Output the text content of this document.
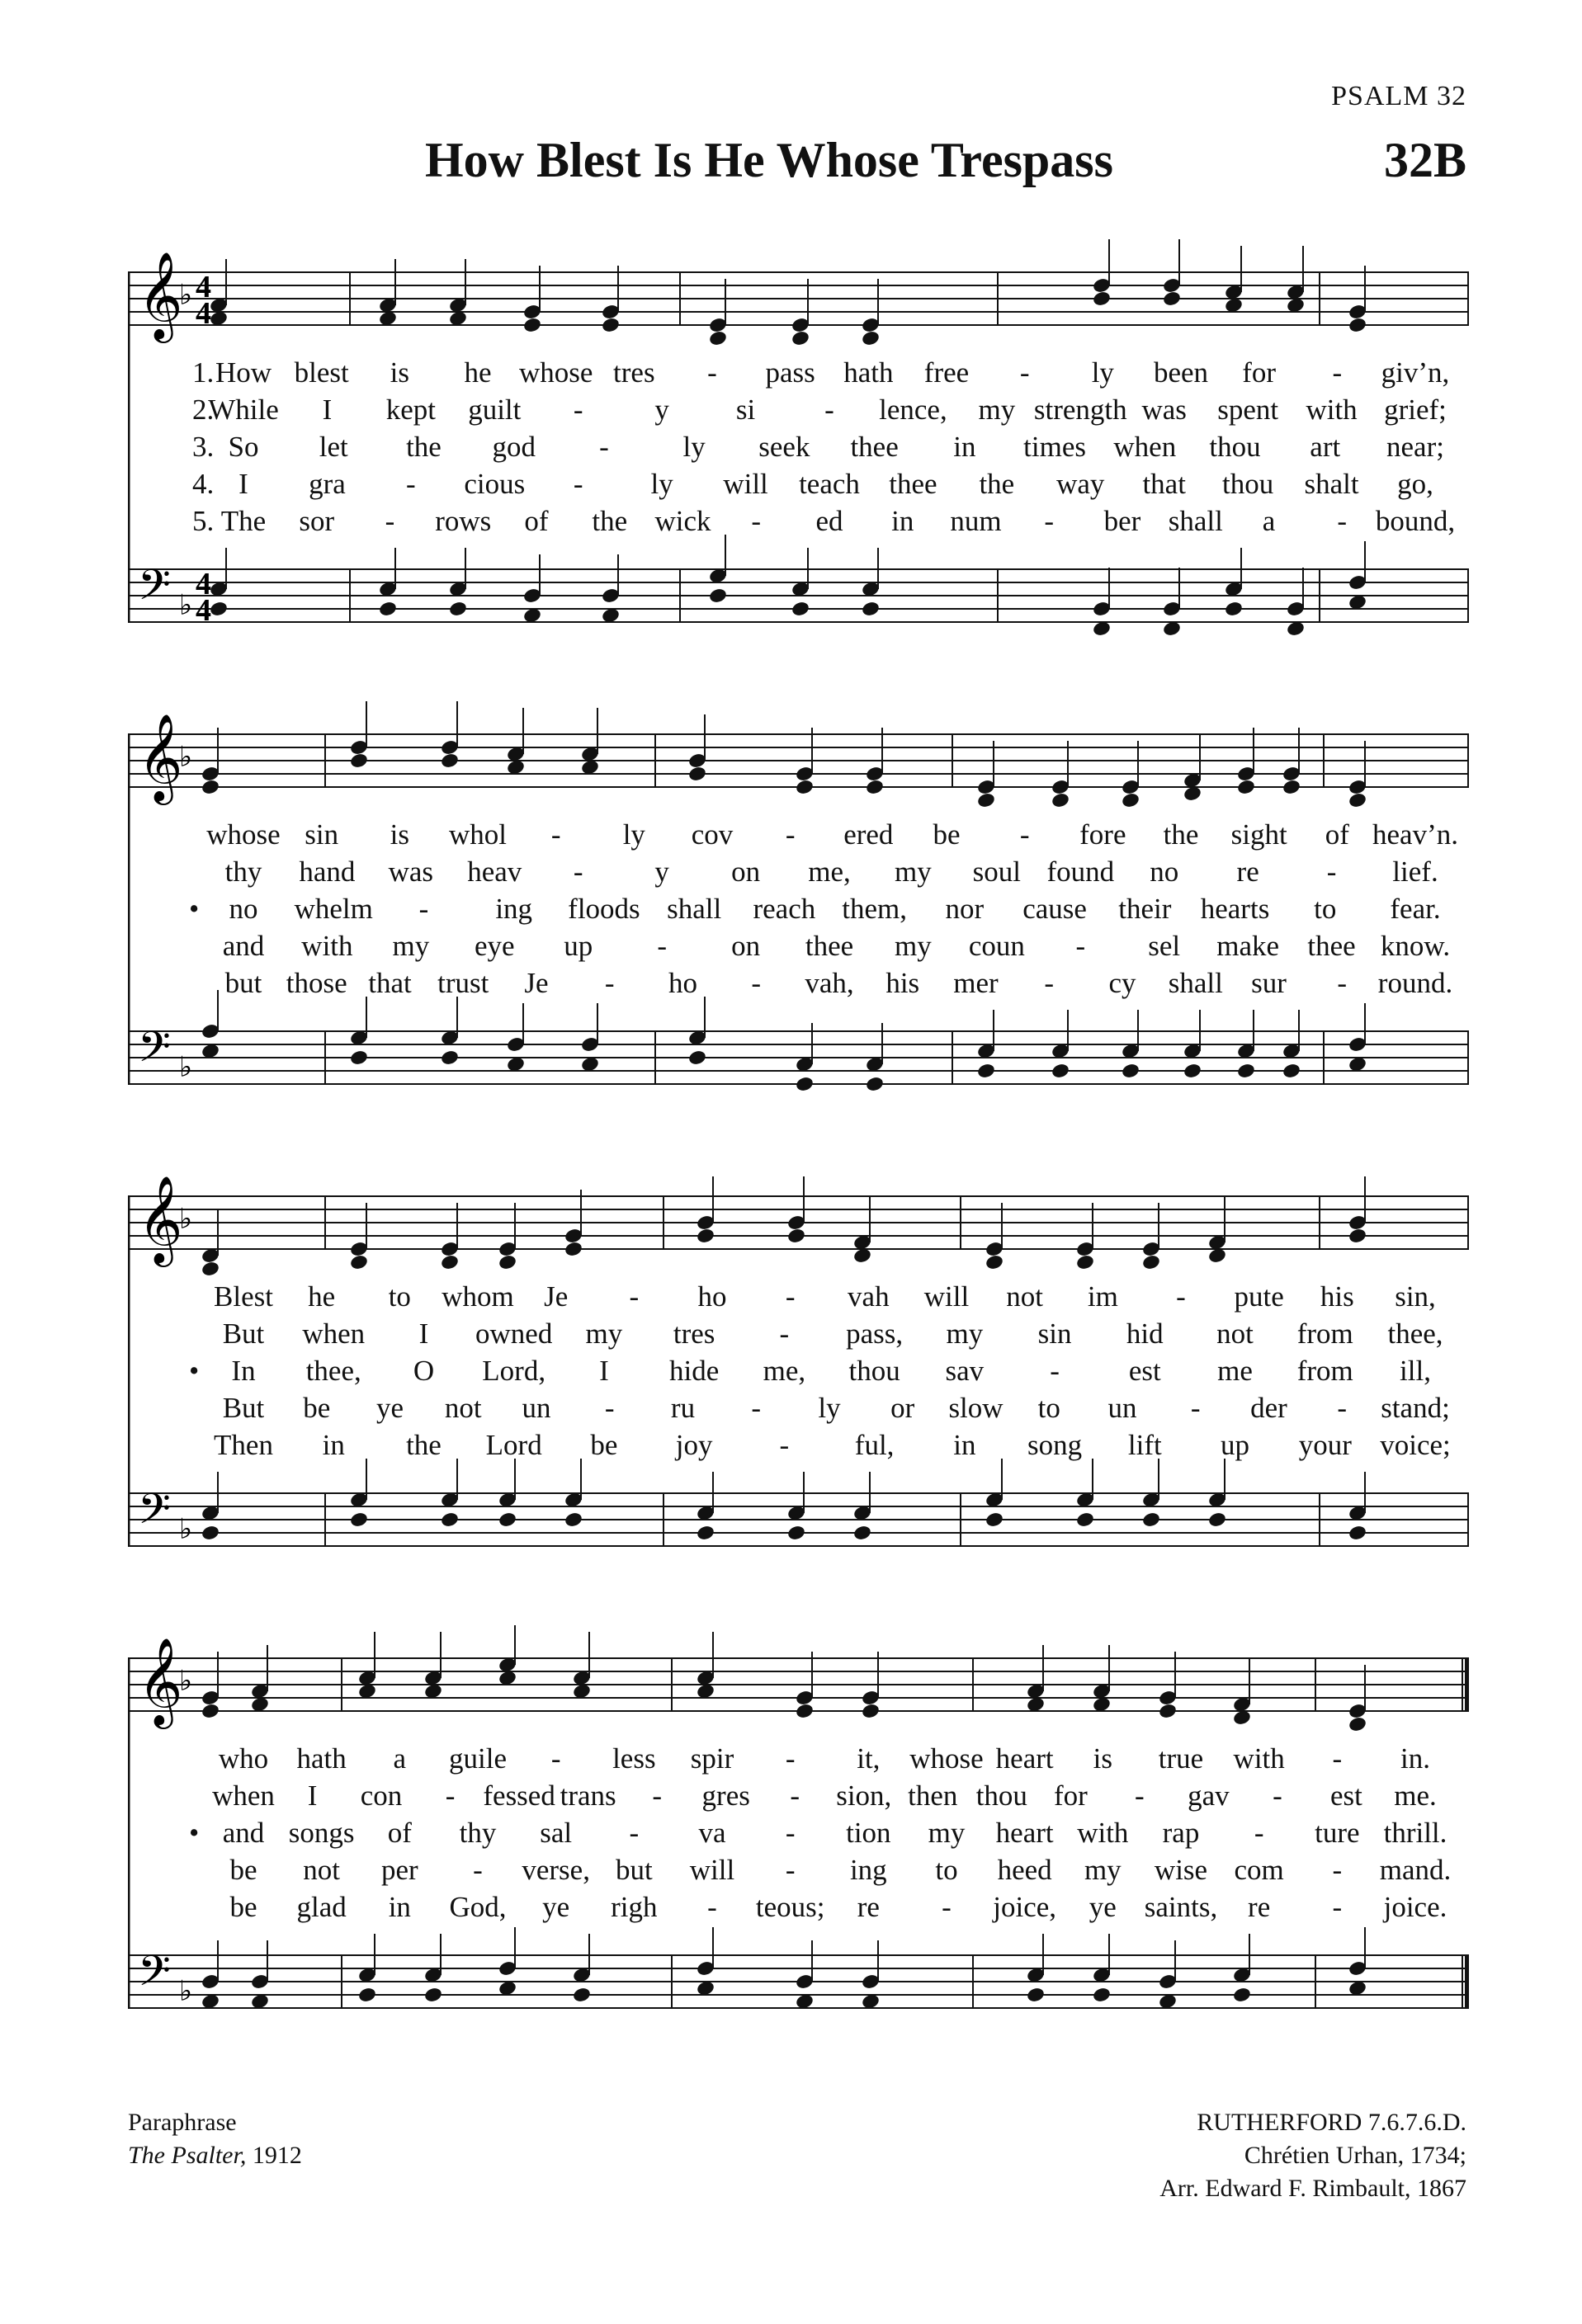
PSALM 32
How Blest Is He Whose Trespass	32B
𝄞
𝄢
♭
♭
4
4
4
4
1. How blest is he whose tres - pass hath free - ly been for - giv’n,
2.
While I kept guilt - y si - lence, my strength was spent with grief;
3. So let the god -	ly seek thee in times when thou art near;
4. I gra - cious - ly will teach thee the way that thou shalt go,
5. The sor - rows of the wick - ed in num - ber shall a - bound,
𝄞
𝄢
♭
♭
whose sin is whol - ly cov - ered be - fore the sight of heav’n.
thy hand was heav - y on me, my soul found no re - lief.
• no whelm - ing floods shall reach them, nor cause their hearts to fear.
and with my eye up - on thee my coun - sel make thee know.
but those that trust Je - ho - vah, his mer - cy shall sur - round.
𝄞
𝄢
♭
♭
Blest he to whom Je - ho - vah will not im - pute his sin,
But when I owned my tres - pass, my sin hid not from thee,
• In thee, O Lord, I hide me, thou sav - est me from ill,
But be ye not un - ru - ly or slow to un - der - stand;
Then in the Lord be joy - ful, in song lift up your voice;
𝄞
𝄢
♭
♭
who hath a guile - less spir - it, whose heart is true with - in.
when I con - fessed trans - gres - sion, then thou for - gav - est me.
• and songs of thy sal - va - tion my heart with rap - ture thrill.
be not per - verse, but will - ing to heed my wise com - mand.
be glad in God, ye righ - teous; re - joice, ye saints, re - joice.
Paraphrase
The Psalter, 1912
RUTHERFORD 7.6.7.6.D.
Chrétien Urhan, 1734;
Arr. Edward F. Rimbault, 1867
